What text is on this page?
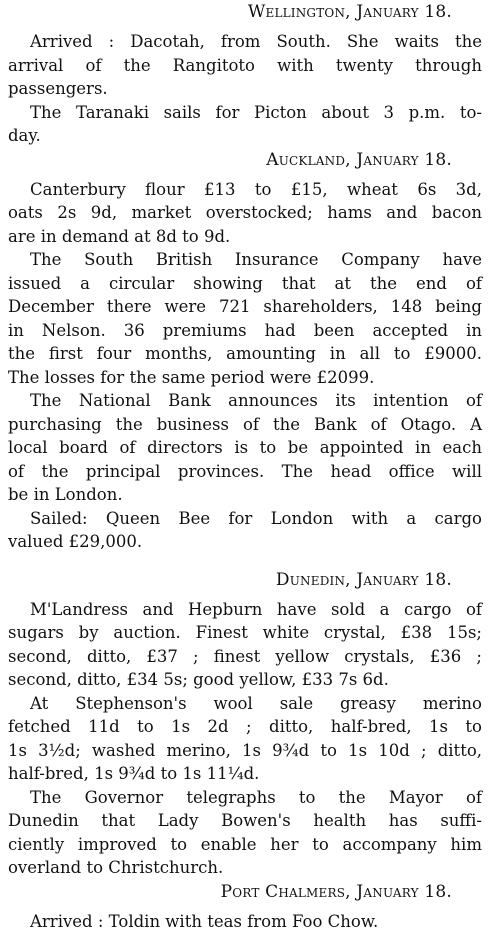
Wellington, January 18.

Arrived : Dacotah, from South. She waits the
arrival of the Rangitoto with twenty through
passengers.

The Taranaki sails for Picton about 3 p.m. to-
day.

Auckland, January 18.

Canterbury flour £13 to £15, wheat 6s 3d,
oats 2s 9d, market overstocked; hams and bacon
are in demand at 8d to 9d.

The South British Insurance Company have
issued a circular showing that at the end of
December there were 721 shareholders, 148 being
in Nelson. 36 premiums had been accepted in
the first four months, amounting in all to £9000.
The losses for the same period were £2099.

The National Bank announces its intention of
purchasing the business of the Bank of Otago. A
local board of directors is to be appointed in each
of the principal provinces. The head office will
be in London.

Sailed: Queen Bee for London with a cargo
valued £29,000.

Dunedin, January 18.

M'Landress and Hepburn have sold a cargo of
sugars by auction. Finest white crystal, £38 15s;
second, ditto, £37 ; finest yellow crystals, £36 ;
second, ditto, £34 5s; good yellow, £33 7s 6d.

At Stephenson's wool sale greasy merino
fetched 11d to 1s 2d ; ditto, half-bred, 1s to
1s 3½d; washed merino, 1s 9¾d to 1s 10d ; ditto,
half-bred, 1s 9¾d to 1s 11¼d.

The Governor telegraphs to the Mayor of
Dunedin that Lady Bowen's health has suffi-
ciently improved to enable her to accompany him
overland to Christchurch.

Port Chalmers, January 18.

Arrived : Toldin with teas from Foo Chow.
